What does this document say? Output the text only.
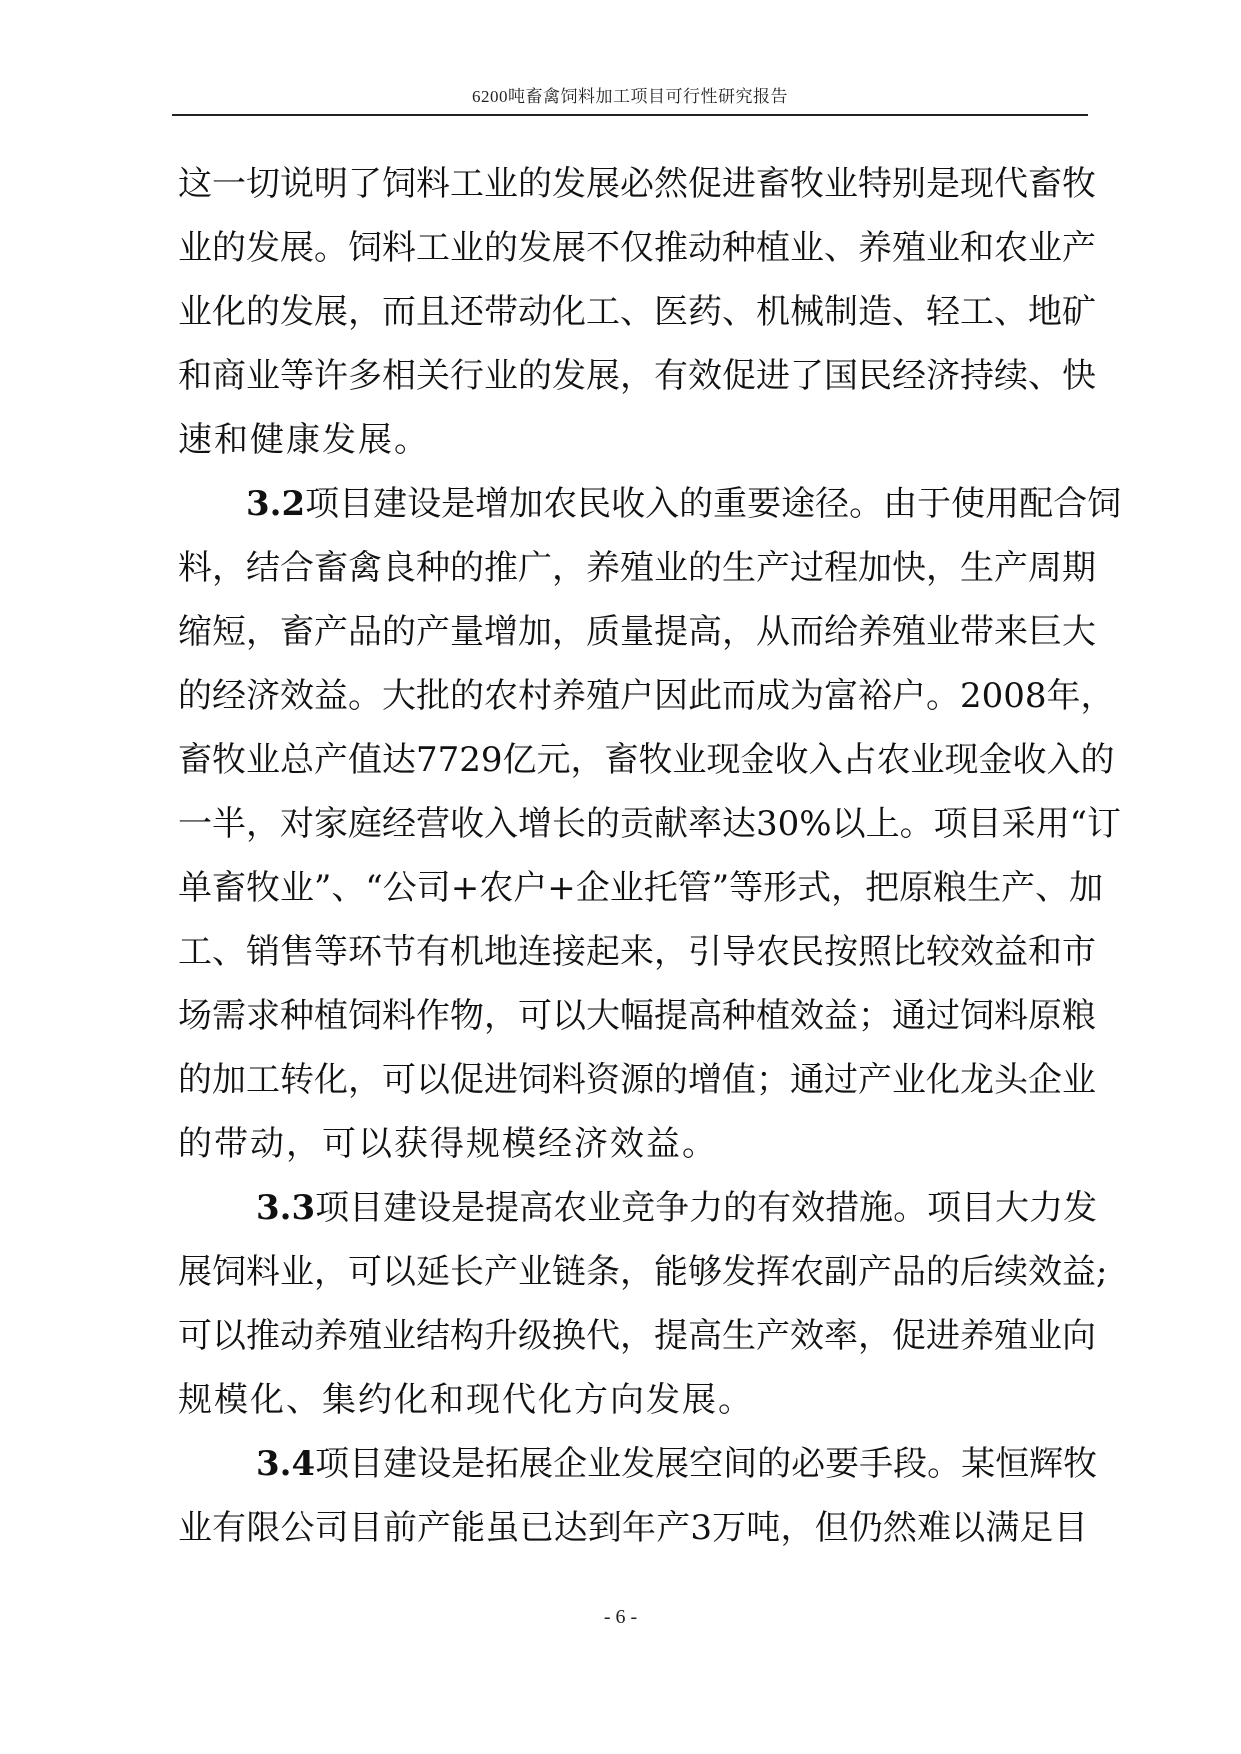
6200吨畜禽饲料加工项目可行性研究报告
这 一 切 说 明 了 饲 料 工 业 的 发 展 必 然 促 进 畜 牧 业 特 别 是 现 代 畜 牧
业 的 发 展 。 饲 料 工 业 的 发 展 不 仅 推 动 种 植 业 、 养 殖 业 和 农 业 产
业 化 的 发 展 ， 而 且 还 带 动 化 工 、 医 药 、 机 械 制 造 、 轻 工 、 地 矿
和 商 业 等 许 多 相 关 行 业 的 发 展 ， 有 效 促 进 了 国 民 经 济 持 续 、 快
速和健康发展。
3.2 项 目 建 设 是 增 加 农 民 收 入 的 重 要 途 径 。 由 于 使 用 配 合 饲
料 ， 结 合 畜 禽 良 种 的 推 广 ， 养 殖 业 的 生 产 过 程 加 快 ， 生 产 周 期
缩 短 ， 畜 产 品 的 产 量 增 加 ， 质 量 提 高 ， 从 而 给 养 殖 业 带 来 巨 大
的 经 济 效 益 。 大 批 的 农 村 养 殖 户 因 此 而 成 为 富 裕 户 。 2008 年 ，
畜 牧 业 总 产 值 达 7729 亿 元 ， 畜 牧 业 现 金 收 入 占 农 业 现 金 收 入 的
一 半 ， 对 家 庭 经 营 收 入 增 长 的 贡 献 率 达 30% 以 上 。 项 目 采 用 “ 订
单 畜 牧 业 ” 、 “ 公 司 + 农 户 + 企 业 托 管 ” 等 形 式 ， 把 原 粮 生 产 、 加
工 、 销 售 等 环 节 有 机 地 连 接 起 来 ， 引 导 农 民 按 照 比 较 效 益 和 市
场 需 求 种 植 饲 料 作 物 ， 可 以 大 幅 提 高 种 植 效 益 ； 通 过 饲 料 原 粮
的 加 工 转 化 ， 可 以 促 进 饲 料 资 源 的 增 值 ； 通 过 产 业 化 龙 头 企 业
的带动，可以获得规模经济效益。
3.3 项 目 建 设 是 提 高 农 业 竞 争 力 的 有 效 措 施 。 项 目 大 力 发
展 饲 料 业 ， 可 以 延 长 产 业 链 条 ， 能 够 发 挥 农 副 产 品 的 后 续 效 益 ;
可 以 推 动 养 殖 业 结 构 升 级 换 代 ， 提 高 生 产 效 率 ， 促 进 养 殖 业 向
规模化、集约化和现代化方向发展。
3.4 项 目 建 设 是 拓 展 企 业 发 展 空 间 的 必 要 手 段 。 某 恒 辉 牧
业 有 限 公 司 目 前 产 能 虽 已 达 到 年 产 3 万 吨 ， 但 仍 然 难 以 满 足 目
- 6 -
